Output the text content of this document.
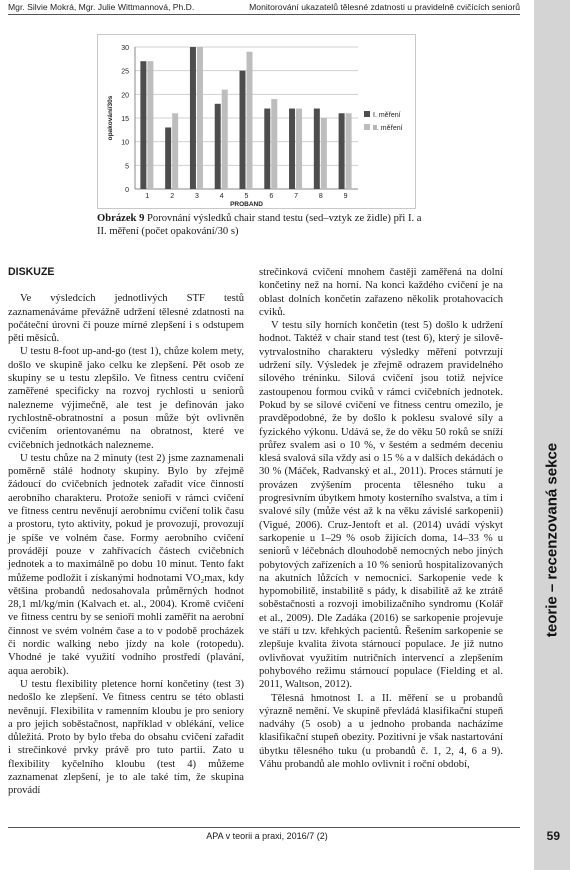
Mgr. Silvie Mokrá, Mgr. Julie Wittmannová, Ph.D.	Monitorování ukazatelů tělesné zdatnosti u pravidelně cvičících seniorů
teorie – recenzovaná sekce
0
5
10
15
20
25
30
1	2	3	4	5	6	7	8	9
PROBAND
opakování/30s	I. měření
II. měření
Obrázek 9 Porovnání výsledků chair stand testu (sed–vztyk ze židle) při I. a II. měření (počet opakování/30 s)
DISKUZE

Ve výsledcích jednotlivých STF testů zaznamenáváme převážně udržení tělesné zdatnosti na počáteční úrovni či pouze mírné zlepšení i s odstupem pěti měsíců.

U testu 8-foot up-and-go (test 1), chůze kolem mety, došlo ve skupině jako celku ke zlepšení. Pět osob ze skupiny se u testu zlepšilo. Ve fitness centru cvičení zaměřené specificky na rozvoj rychlosti u seniorů nalezneme výjimečně, ale test je definován jako rychlostně-obratnostní a posun může být ovlivněn cvičením orientovanému na obratnost, které ve cvičebních jednotkách nalezneme.

U testu chůze na 2 minuty (test 2) jsme zaznamenali poměrně stálé hodnoty skupiny. Bylo by zřejmě žádoucí do cvičebních jednotek zařadit více činností aerobního charakteru. Protože senioři v rámci cvičení ve fitness centru nevěnují aerobnímu cvičení tolik času a prostoru, tyto aktivity, pokud je provozují, provozují je spíše ve volném čase. Formy aerobního cvičení provádějí pouze v zahřívacích částech cvičebních jednotek a to maximálně po dobu 10 minut. Tento fakt můžeme podložit i získanými hodnotami VO₂max, kdy většina probandů nedosahovala průměrných hodnot 28,1 ml/kg/min (Kalvach et. al., 2004). Kromě cvičení ve fitness centru by se senioři mohli zaměřit na aerobní činnost ve svém volném čase a to v podobě procházek či nordic walking nebo jízdy na kole (rotopedu). Vhodné je také využití vodního prostředí (plavání, aqua aerobik).

U testu flexibility pletence horní končetiny (test 3) nedošlo ke zlepšení. Ve fitness centru se této oblasti nevěnují. Flexibilita v ramenním kloubu je pro seniory a pro jejich soběstačnost, například v oblékání, velice důležitá. Proto by bylo třeba do obsahu cvičení zařadit i strečinkové prvky právě pro tuto partii. Zato u flexibility kyčelního kloubu (test 4) můžeme zaznamenat zlepšení, je to ale také tím, že skupina provádí

strečinková cvičení mnohem častěji zaměřená na dolní končetiny než na horní. Na konci každého cvičení je na oblast dolních končetin zařazeno několik protahovacích cviků.

V testu síly horních končetin (test 5) došlo k udržení hodnot. Taktéž v chair stand test (test 6), který je silově-vytrvalostního charakteru výsledky měření potvrzují udržení síly. Výsledek je zřejmě odrazem pravidelného silového tréninku. Silová cvičení jsou totiž nejvíce zastoupenou formou cviků v rámci cvičebních jednotek. Pokud by se silové cvičení ve fitness centru omezilo, je pravděpodobné, že by došlo k poklesu svalové síly a fyzického výkonu. Udává se, že do věku 50 roků se sníží průřez svalem asi o 10 %, v šestém a sedmém deceniu klesá svalová síla vždy asi o 15 % a v dalších dekádách o 30 % (Máček, Radvanský et al., 2011). Proces stárnutí je provázen zvýšením procenta tělesného tuku a progresivním úbytkem hmoty kosterního svalstva, a tím i svalové síly (může vést až k na věku závislé sarkopenii) (Vigué, 2006). Cruz-Jentoft et al. (2014) uvádí výskyt sarkopenie u 1–29 % osob žijících doma, 14–33 % u seniorů v léčebnách dlouhodobě nemocných nebo jiných pobytových zařízeních a 10 % seniorů hospitalizovaných na akutních lůžcích v nemocnici. Sarkopenie vede k hypomobilitě, instabilitě s pády, k disabilitě až ke ztrátě soběstačnosti a rozvoji imobilizačního syndromu (Kolář et al., 2009). Dle Zadáka (2016) se sarkopenie projevuje ve stáří u tzv. křehkých pacientů. Řešením sarkopenie se zlepšuje kvalita života stárnoucí populace. Je již nutno ovlivňovat využitím nutričních intervencí a zlepšením pohybového režimu stárnoucí populace (Fielding et al. 2011, Waltson, 2012).

Tělesná hmotnost I. a II. měření se u probandů výrazně nemění. Ve skupině převládá klasifikační stupeň nadváhy (5 osob) a u jednoho probanda nacházíme klasifikační stupeň obezity. Pozitivní je však nastartování úbytku tělesného tuku (u probandů č. 1, 2, 4, 6 a 9). Váhu probandů ale mohlo ovlivnit i roční období,

APA v teorii a praxi, 2016/7 (2)	59
